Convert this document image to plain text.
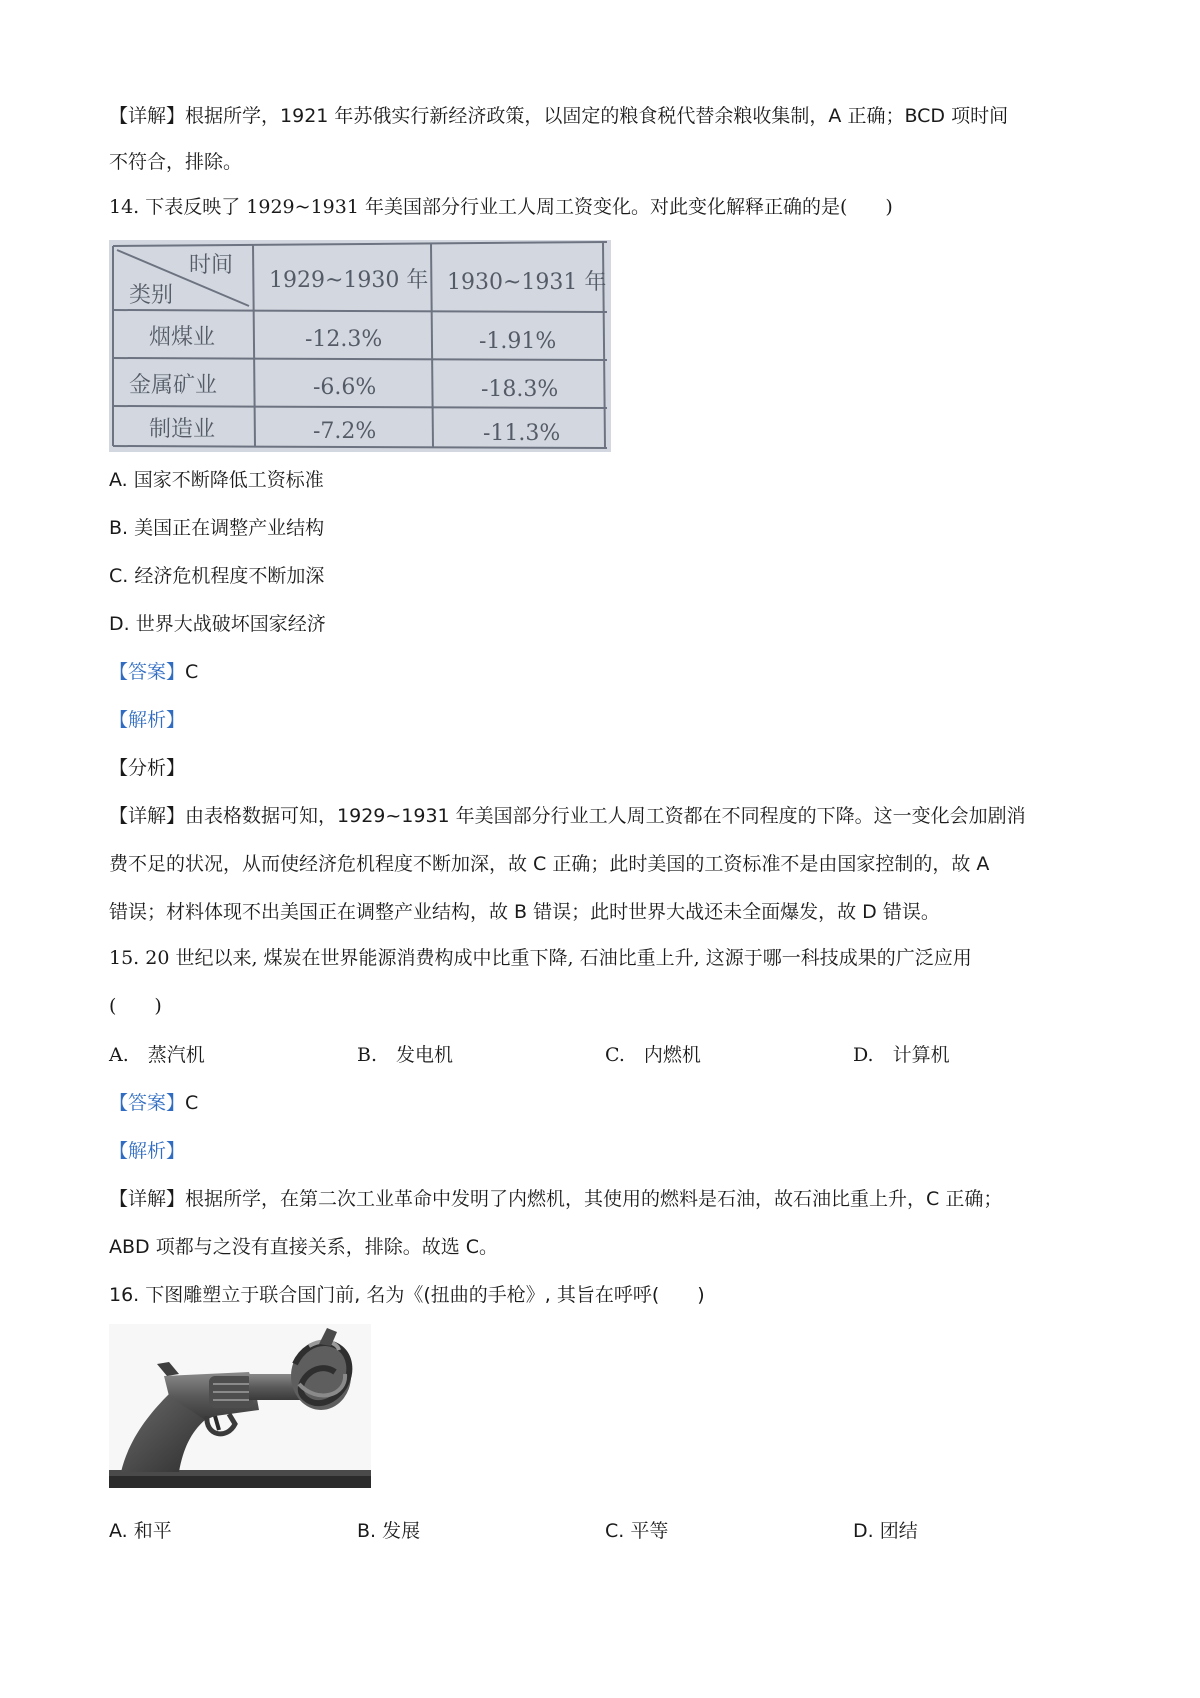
【详解】根据所学，1921 年苏俄实行新经济政策，以固定的粮食税代替余粮收集制，A 正确；BCD 项时间
不符合，排除。
14. 下表反映了 1929~1931 年美国部分行业工人周工资变化。对此变化解释正确的是(　　)
时间
类别
1929~1930 年 1930~1931 年
烟煤业	-12.3%	-1.91%
金属矿业	-6.6%	-18.3%
制造业	-7.2%	-11.3%
A. 国家不断降低工资标准
B. 美国正在调整产业结构
C. 经济危机程度不断加深
D. 世界大战破坏国家经济
【答案】C
【解析】
【分析】
【详解】由表格数据可知，1929~1931 年美国部分行业工人周工资都在不同程度的下降。这一变化会加剧消
费不足的状况，从而使经济危机程度不断加深，故 C 正确；此时美国的工资标准不是由国家控制的，故 A
错误；材料体现不出美国正在调整产业结构，故 B 错误；此时世界大战还未全面爆发，故 D 错误。
15. 20 世纪以来, 煤炭在世界能源消费构成中比重下降, 石油比重上升, 这源于哪一科技成果的广泛应用
(　　)
A.　蒸汽机	B.　发电机	C.　内燃机	D.　计算机
【答案】C
【解析】
【详解】根据所学，在第二次工业革命中发明了内燃机，其使用的燃料是石油，故石油比重上升，C 正确；
ABD 项都与之没有直接关系，排除。故选 C。
16. 下图雕塑立于联合国门前, 名为《(扭曲的手枪》, 其旨在呼呼(　　)
A. 和平	B. 发展	C. 平等	D. 团结
